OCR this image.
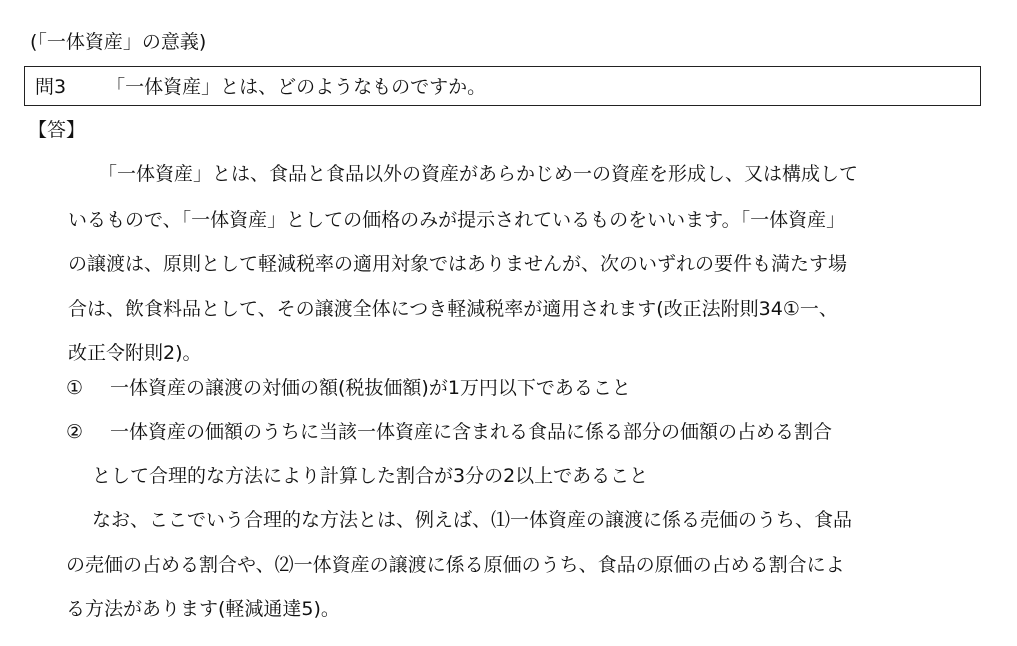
(「一体資産」の意義)
問3 「一体資産」とは、どのようなものですか。
【答】
「一体資産」とは、食品と食品以外の資産があらかじめ一の資産を形成し、又は構成して
いるもので、「一体資産」としての価格のみが提示されているものをいいます。「一体資産」
の譲渡は、原則として軽減税率の適用対象ではありませんが、次のいずれの要件も満たす場
合は、飲食料品として、その譲渡全体につき軽減税率が適用されます(改正法附則34①一、
改正令附則2)。
① 一体資産の譲渡の対価の額(税抜価額)が1万円以下であること
② 一体資産の価額のうちに当該一体資産に含まれる食品に係る部分の価額の占める割合
として合理的な方法により計算した割合が3分の2以上であること
なお、ここでいう合理的な方法とは、例えば、⑴一体資産の譲渡に係る売価のうち、食品
の売価の占める割合や、⑵一体資産の譲渡に係る原価のうち、食品の原価の占める割合によ
る方法があります(軽減通達5)。
